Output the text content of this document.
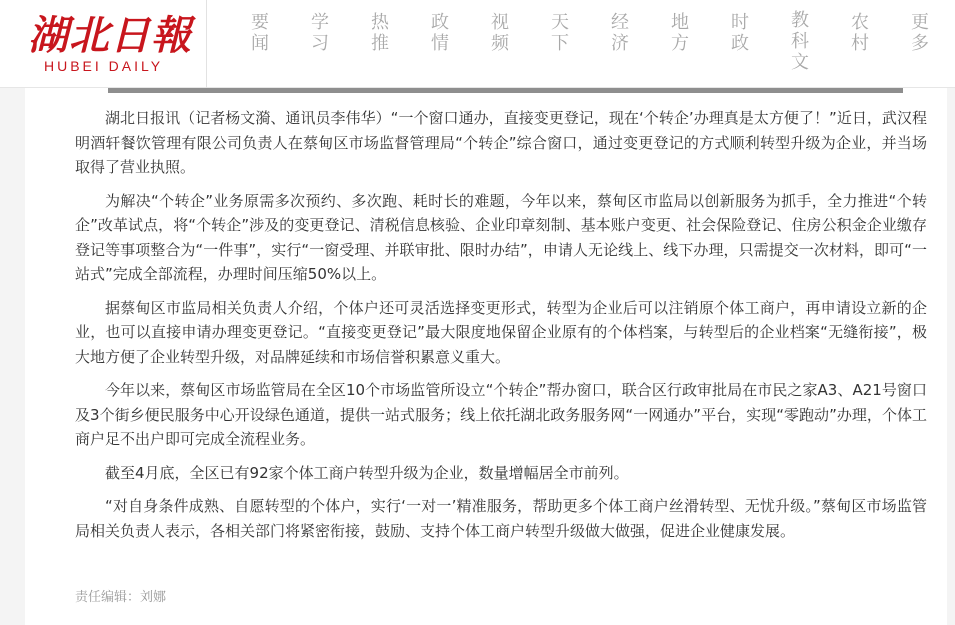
湖北日報
HUBEI DAILY
要
闻
学
习
热
推
政
情
视
频
天
下
经
济
地
方
时
政
教
科
文
农
村
更
多

湖北日报讯（记者杨文漪、通讯员李伟华）“一个窗口通办，直接变更登记，现在‘个转企’办理真是太方便了！”近日，武汉程明酒轩餐饮管理有限公司负责人在蔡甸区市场监督管理局“个转企”综合窗口，通过变更登记的方式顺利转型升级为企业，并当场取得了营业执照。

为解决“个转企”业务原需多次预约、多次跑、耗时长的难题，今年以来，蔡甸区市监局以创新服务为抓手，全力推进“个转企”改革试点，将“个转企”涉及的变更登记、清税信息核验、企业印章刻制、基本账户变更、社会保险登记、住房公积金企业缴存登记等事项整合为“一件事”，实行“一窗受理、并联审批、限时办结”，申请人无论线上、线下办理，只需提交一次材料，即可“一站式”完成全部流程，办理时间压缩50%以上。

据蔡甸区市监局相关负责人介绍，个体户还可灵活选择变更形式，转型为企业后可以注销原个体工商户，再申请设立新的企业，也可以直接申请办理变更登记。“直接变更登记”最大限度地保留企业原有的个体档案，与转型后的企业档案“无缝衔接”，极大地方便了企业转型升级，对品牌延续和市场信誉积累意义重大。

今年以来，蔡甸区市场监管局在全区10个市场监管所设立“个转企”帮办窗口，联合区行政审批局在市民之家A3、A21号窗口及3个街乡便民服务中心开设绿色通道，提供一站式服务；线上依托湖北政务服务网“一网通办”平台，实现“零跑动”办理，个体工商户足不出户即可完成全流程业务。

截至4月底，全区已有92家个体工商户转型升级为企业，数量增幅居全市前列。

“对自身条件成熟、自愿转型的个体户，实行‘一对一’精准服务，帮助更多个体工商户丝滑转型、无忧升级。”蔡甸区市场监管局相关负责人表示，各相关部门将紧密衔接，鼓励、支持个体工商户转型升级做大做强，促进企业健康发展。

责任编辑：刘娜
